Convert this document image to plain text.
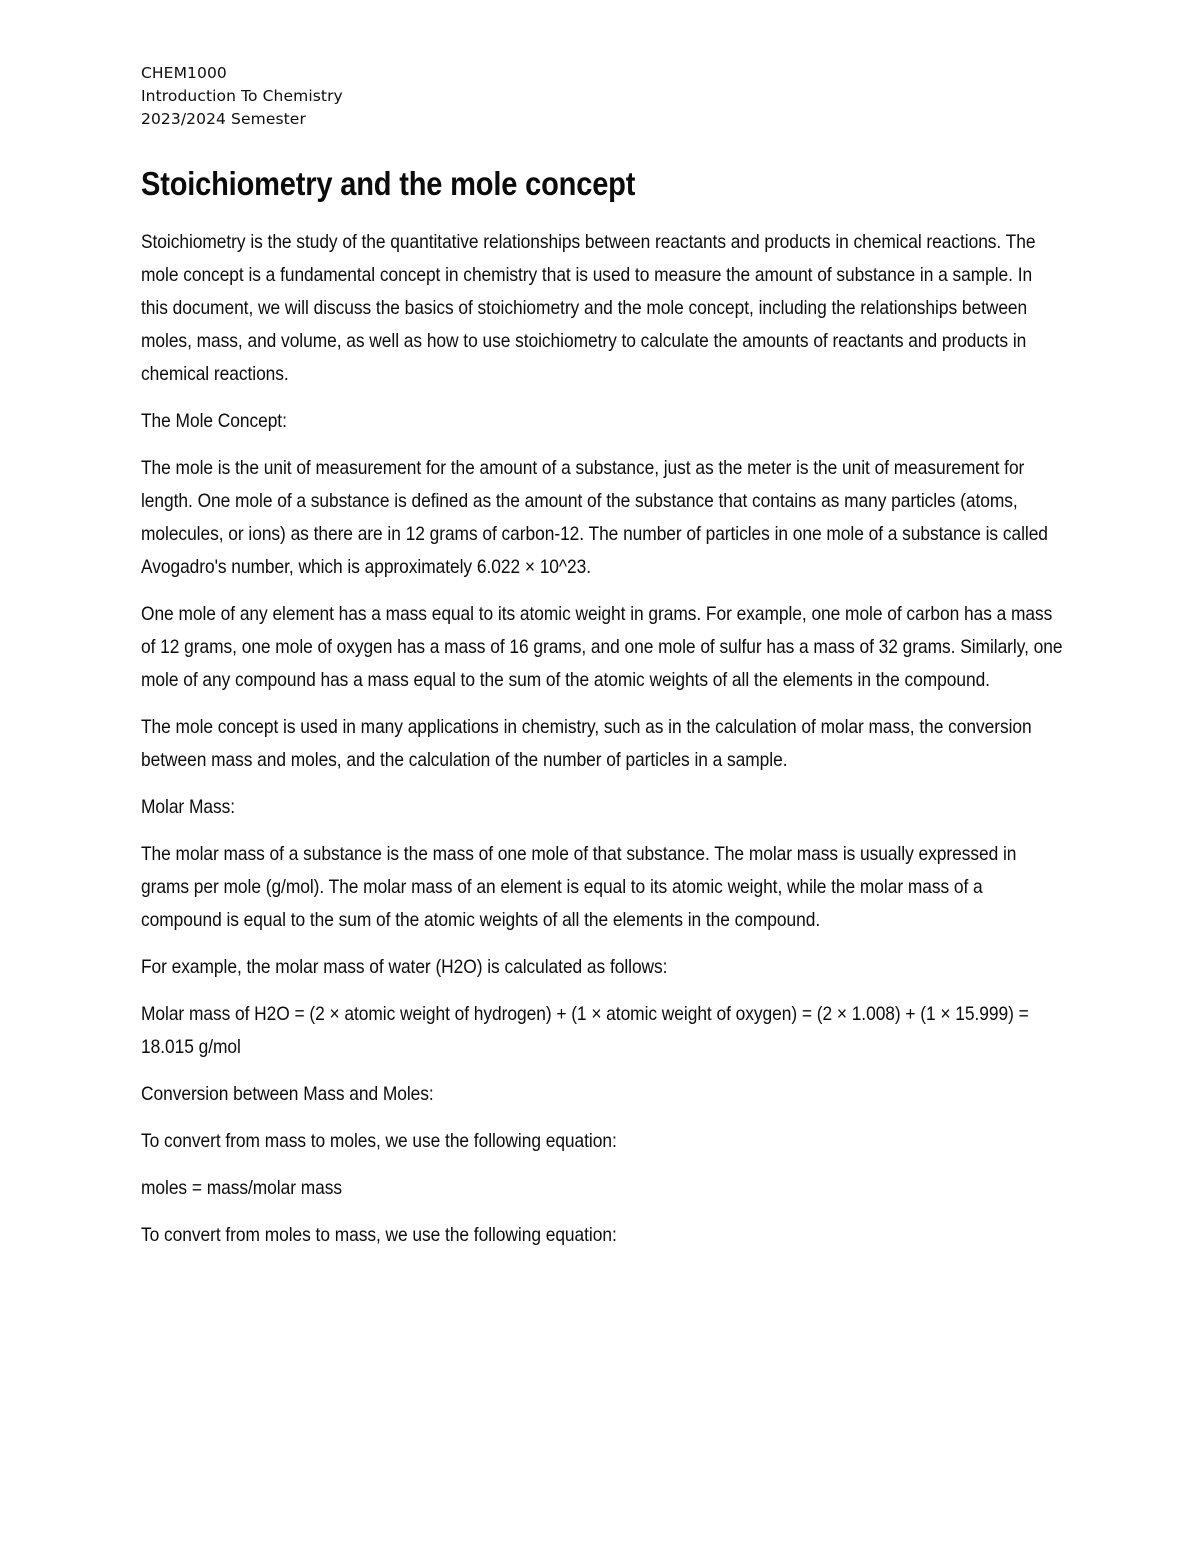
CHEM1000
Introduction To Chemistry
2023/2024 Semester
Stoichiometry and the mole concept

Stoichiometry is the study of the quantitative relationships between reactants and products in chemical reactions. The mole concept is a fundamental concept in chemistry that is used to measure the amount of substance in a sample. In this document, we will discuss the basics of stoichiometry and the mole concept, including the relationships between moles, mass, and volume, as well as how to use stoichiometry to calculate the amounts of reactants and products in chemical reactions.

The Mole Concept:

The mole is the unit of measurement for the amount of a substance, just as the meter is the unit of measurement for length. One mole of a substance is defined as the amount of the substance that contains as many particles (atoms, molecules, or ions) as there are in 12 grams of carbon-12. The number of particles in one mole of a substance is called Avogadro's number, which is approximately 6.022 × 10^23.

One mole of any element has a mass equal to its atomic weight in grams. For example, one mole of carbon has a mass of 12 grams, one mole of oxygen has a mass of 16 grams, and one mole of sulfur has a mass of 32 grams. Similarly, one mole of any compound has a mass equal to the sum of the atomic weights of all the elements in the compound.

The mole concept is used in many applications in chemistry, such as in the calculation of molar mass, the conversion between mass and moles, and the calculation of the number of particles in a sample.

Molar Mass:

The molar mass of a substance is the mass of one mole of that substance. The molar mass is usually expressed in grams per mole (g/mol). The molar mass of an element is equal to its atomic weight, while the molar mass of a compound is equal to the sum of the atomic weights of all the elements in the compound.

For example, the molar mass of water (H2O) is calculated as follows:

Molar mass of H2O = (2 × atomic weight of hydrogen) + (1 × atomic weight of oxygen) = (2 × 1.008) + (1 × 15.999) = 18.015 g/mol

Conversion between Mass and Moles:

To convert from mass to moles, we use the following equation:

moles = mass/molar mass

To convert from moles to mass, we use the following equation:
